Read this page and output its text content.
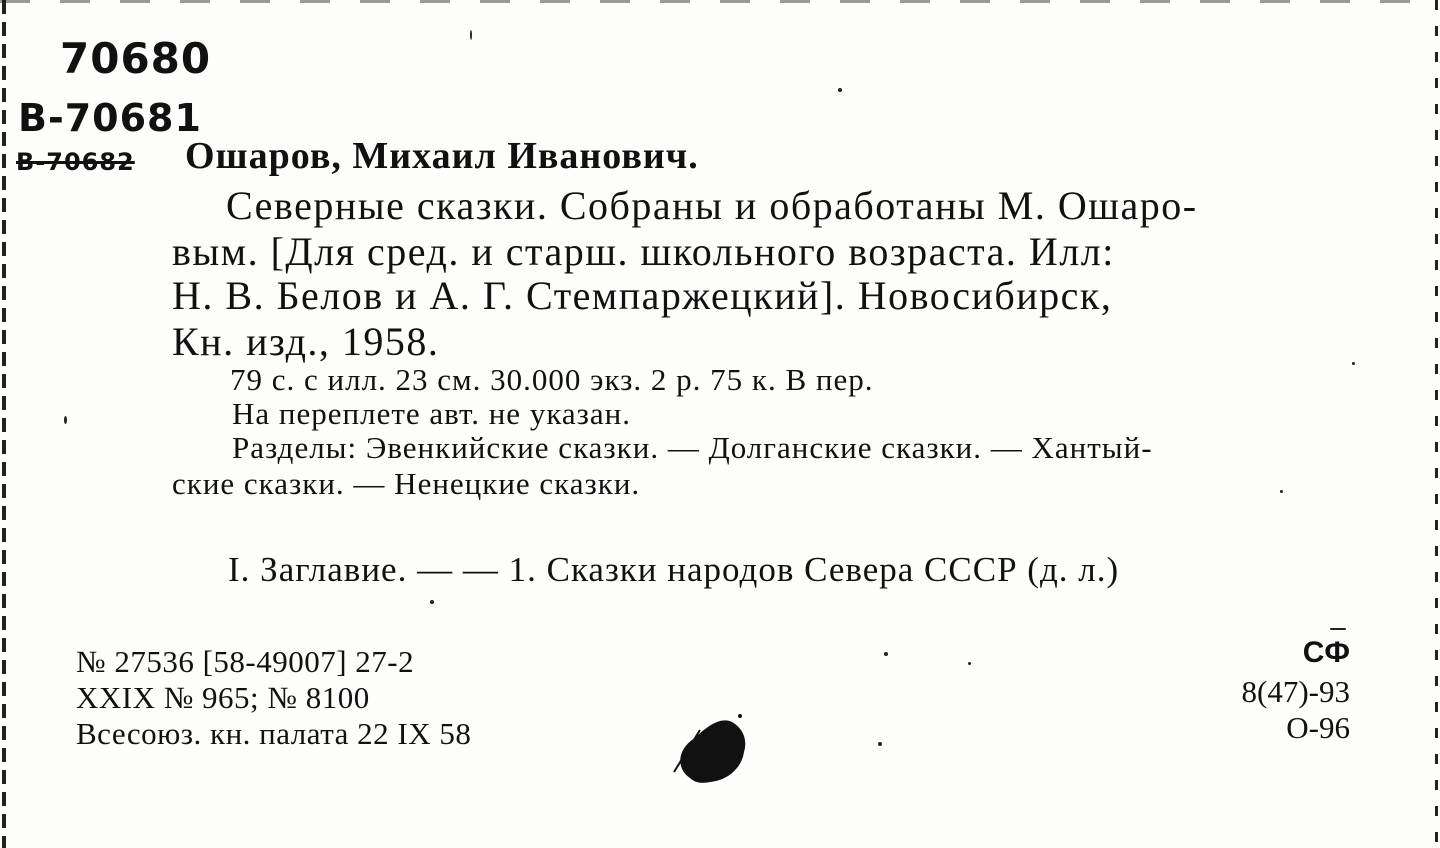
70680
B-70681
B-70682	Ошаров, Михаил Иванович.
Северные сказки. Собраны и обработаны М. Ошаро-
вым. [Для сред. и старш. школьного возраста. Илл:
Н. В. Белов и А. Г. Стемпаржецкий]. Новосибирск,
Кн. изд., 1958.
79 с. с илл. 23 см. 30.000 экз. 2 р. 75 к. В пер.
На переплете авт. не указан.
Разделы: Эвенкийские сказки. — Долганские сказки. — Хантый-
ские сказки. — Ненецкие сказки.
I. Заглавие. — — 1. Сказки народов Севера СССР (д. л.)
№ 27536 [58-49007] 27-2
XXIX № 965; № 8100
Всесоюз. кн. палата 22 IX 58
СФ
8(47)-93
О-96
